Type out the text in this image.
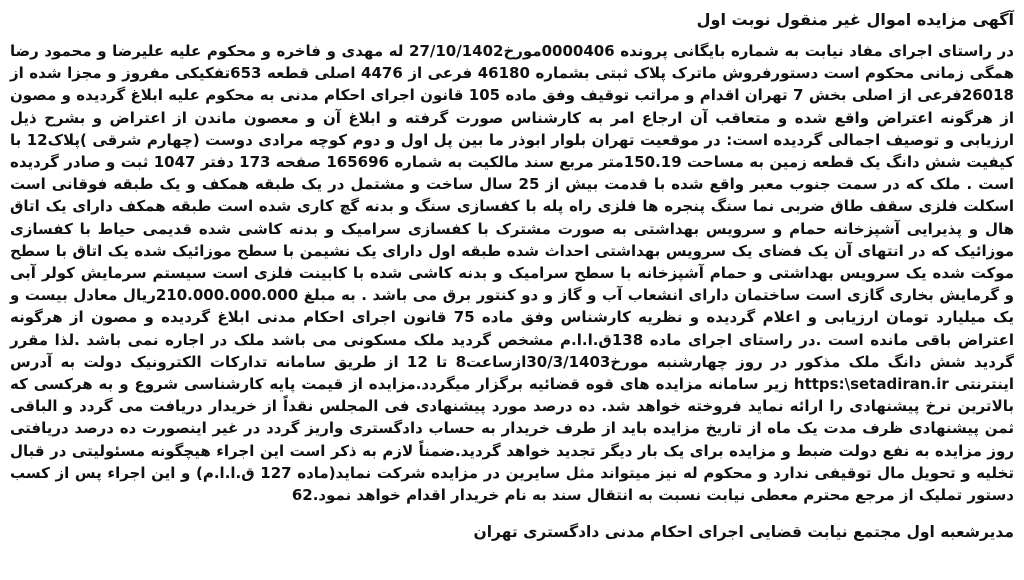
آگهی مزایده اموال غیر منقول نوبت اول
در راستای اجرای مفاد نیابت به شماره بایگانی پرونده 0000406مورخ27/10/1402 له مهدی و فاخره و محکوم علیه علیرضا و محمود رضا همگی زمانی محکوم است دستورفروش ماترک پلاک ثبتی بشماره 46180 فرعی از 4476 اصلی قطعه 653تفکیکی مفروز و مجزا شده از 26018فرعی از اصلی بخش 7 تهران اقدام و مراتب توقیف وفق ماده 105 قانون اجرای احکام مدنی به محکوم علیه ابلاغ گردیده و مصون از هرگونه اعتراض واقع شده و متعاقب آن ارجاع امر به کارشناس صورت گرفته و ابلاغ آن و معصون ماندن از اعتراض و بشرح ذیل ارزیابی و توصیف اجمالی گردیده است: در موقعیت تهران بلوار ابوذر ما بین پل اول و دوم کوچه مرادی دوست (چهارم شرقی )پلاک12 با کیفیت شش دانگ یک قطعه زمین به مساحت 150.19متر مربع سند مالکیت به شماره 165696 صفحه 173 دفتر 1047 ثبت و صادر گردیده است . ملک که در سمت جنوب معبر واقع شده با قدمت بیش از 25 سال ساخت و مشتمل در یک طبقه همکف و یک طبقه فوقانی است اسکلت فلزی سقف طاق ضربی نما سنگ پنجره ها فلزی راه پله با کفسازی سنگ و بدنه گچ کاری شده است طبقه همکف دارای یک اتاق هال و پذیرایی آشپزخانه حمام و سرویس بهداشتی به صورت مشترک با کفسازی سرامیک و بدنه کاشی شده قدیمی حیاط با کفسازی موزائیک که در انتهای آن یک فضای یک سرویس بهداشتی احداث شده طبقه اول دارای یک نشیمن با سطح موزائیک شده یک اتاق با سطح موکت شده یک سرویس بهداشتی و حمام آشپزخانه با سطح سرامیک و بدنه کاشی شده با کابینت فلزی است سیستم سرمایش کولر آبی و گرمایش بخاری گازی است ساختمان دارای انشعاب آب و گاز و دو کنتور برق می باشد . به مبلغ 210.000.000.000ریال معادل بیست و یک میلیارد تومان ارزیابی و اعلام گردیده و نظریه کارشناس وفق ماده 75 قانون اجرای احکام مدنی ابلاغ گردیده و مصون از هرگونه اعتراض باقی مانده است .در راستای اجرای ماده 138ق.ا.ا.م مشخص گردید ملک مسکونی می باشد ملک در اجاره نمی باشد .لذا مقرر گردید شش دانگ ملک مذکور در روز چهارشنبه مورخ30/3/1403ازساعت8 تا 12 از طریق سامانه تدارکات الکترونیک دولت به آدرس اینترنتی https:\setadiran.ir زیر سامانه مزایده های قوه قضائیه برگزار میگردد.مزایده از قیمت پایه کارشناسی شروع و به هرکسی که بالاترین نرخ پیشنهادی را ارائه نماید فروخته خواهد شد. ده درصد مورد پیشنهادی فی المجلس نقداً از خریدار دریافت می گردد و الباقی ثمن پیشنهادی ظرف مدت یک ماه از تاریخ مزایده باید از طرف خریدار به حساب دادگستری واریز گردد در غیر اینصورت ده درصد دریافتی روز مزایده به نفع دولت ضبط و مزایده برای یک بار دیگر تجدید خواهد گردید.ضمناً لازم به ذکر است این اجراء هیچگونه مسئولیتی در قبال تخلیه و تحویل مال توقیفی ندارد و محکوم له نیز میتواند مثل سایرین در مزایده شرکت نماید(ماده 127 ق.ا.ا.م) و این اجراء پس از کسب دستور تملیک از مرجع محترم معطی نیابت نسبت به انتقال سند به نام خریدار اقدام خواهد نمود.62
مدیرشعبه اول مجتمع نیابت قضایی اجرای احکام مدنی دادگستری تهران
